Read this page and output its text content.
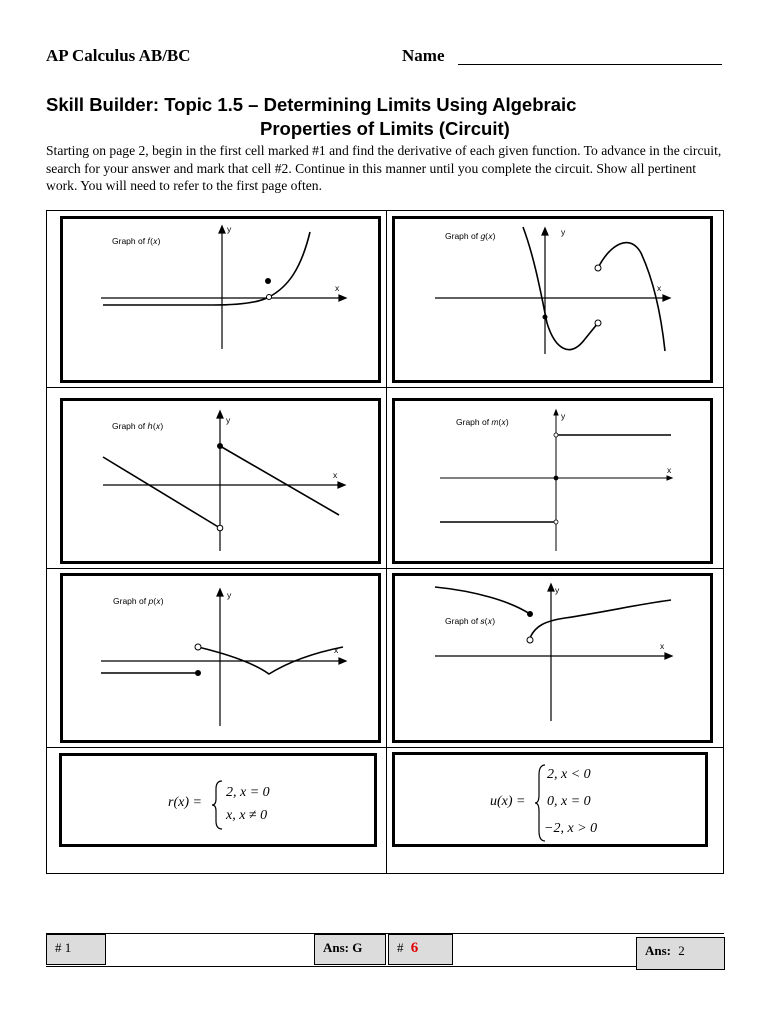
AP Calculus AB/BC	Name
Skill Builder: Topic 1.5 – Determining Limits Using Algebraic
Properties of Limits (Circuit)
Starting on page 2, begin in the first cell marked #1 and find the derivative of each given function. To advance in the circuit, search for your answer and mark that cell #2. Continue in this manner until you complete the circuit. Show all pertinent work. You will need to refer to the first page often.
Graph of 𝑓(𝑥)
y
x
Graph of 𝑔(𝑥)	y
x
Graph of ℎ(𝑥)
y
x
Graph of 𝑚(𝑥)
y
x
Graph of 𝑝(𝑥)
y
x
Graph of 𝑠(𝑥)
y
x
r(x) =
2, x = 0
x, x ≠ 0
u(x) =
2, x < 0
0, x = 0
−2, x > 0
# 1	Ans: G	# 6	Ans: 2
